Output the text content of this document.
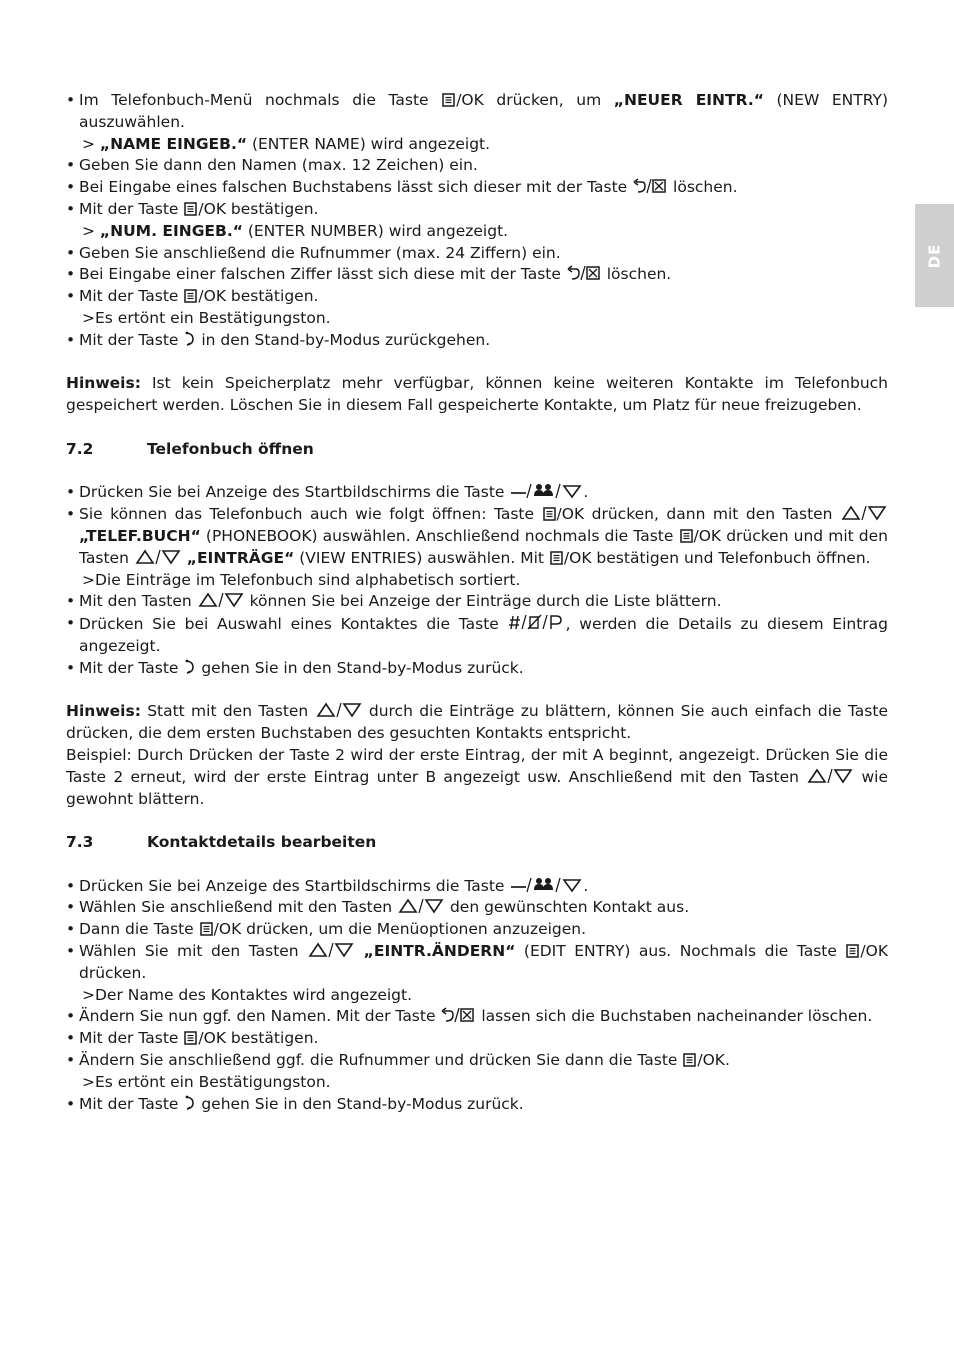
DE
• Im Telefonbuch-Menü nochmals die Taste
/OK drücken, um „NEUER EINTR.“ (NEW ENTRY) auszuwählen.
> „NAME EINGEB.“ (ENTER NAME) wird angezeigt.
• Geben Sie dann den Namen (max. 12 Zeichen) ein.
• Bei Eingabe eines falschen Buchstabens lässt sich dieser mit der Taste
löschen.
• Mit der Taste
/OK bestätigen.
> „NUM. EINGEB.“ (ENTER NUMBER) wird angezeigt.
• Geben Sie anschließend die Rufnummer (max. 24 Ziffern) ein.
• Bei Eingabe einer falschen Ziffer lässt sich diese mit der Taste
löschen.
• Mit der Taste
/OK bestätigen.
>Es ertönt ein Bestätigungston.
• Mit der Taste
in den Stand-by-Modus zurückgehen.
Hinweis: Ist kein Speicherplatz mehr verfügbar, können keine weiteren Kontakte im Telefonbuch gespeichert werden. Löschen Sie in diesem Fall gespeicherte Kontakte, um Platz für neue freizugeben.
7.2	Telefonbuch öffnen
• Drücken Sie bei Anzeige des Startbildschirms die Taste	.
• Sie können das Telefonbuch auch wie folgt öffnen: Taste
/OK drücken, dann mit den Tasten
„TELEF.BUCH“ (PHONEBOOK) auswählen. Anschließend nochmals die Taste
/OK drücken und mit den Tasten	„EINTRÄGE“ (VIEW ENTRIES) auswählen. Mit
/OK bestätigen und Telefonbuch öffnen.
>Die Einträge im Telefonbuch sind alphabetisch sortiert.
• Mit den Tasten	können Sie bei Anzeige der Einträge durch die Liste blättern.
• Drücken Sie bei Auswahl eines Kontaktes die Taste	, werden die Details zu diesem Eintrag angezeigt.
• Mit der Taste
gehen Sie in den Stand-by-Modus zurück.
Hinweis: Statt mit den Tasten	durch die Einträge zu blättern, können Sie auch einfach die Taste drücken, die dem ersten Buchstaben des gesuchten Kontakts entspricht.
Beispiel: Durch Drücken der Taste 2 wird der erste Eintrag, der mit A beginnt, angezeigt. Drücken Sie die Taste 2 erneut, wird der erste Eintrag unter B angezeigt usw. Anschließend mit den Tasten	wie gewohnt blättern.
7.3	Kontaktdetails bearbeiten
• Drücken Sie bei Anzeige des Startbildschirms die Taste	.
• Wählen Sie anschließend mit den Tasten	den gewünschten Kontakt aus.
• Dann die Taste
/OK drücken, um die Menüoptionen anzuzeigen.
• Wählen Sie mit den Tasten	„EINTR.ÄNDERN“ (EDIT ENTRY) aus. Nochmals die Taste
/OK drücken.
>Der Name des Kontaktes wird angezeigt.
• Ändern Sie nun ggf. den Namen. Mit der Taste
lassen sich die Buchstaben nacheinander löschen.
• Mit der Taste
/OK bestätigen.
• Ändern Sie anschließend ggf. die Rufnummer und drücken Sie dann die Taste
/OK.
>Es ertönt ein Bestätigungston.
• Mit der Taste
gehen Sie in den Stand-by-Modus zurück.
